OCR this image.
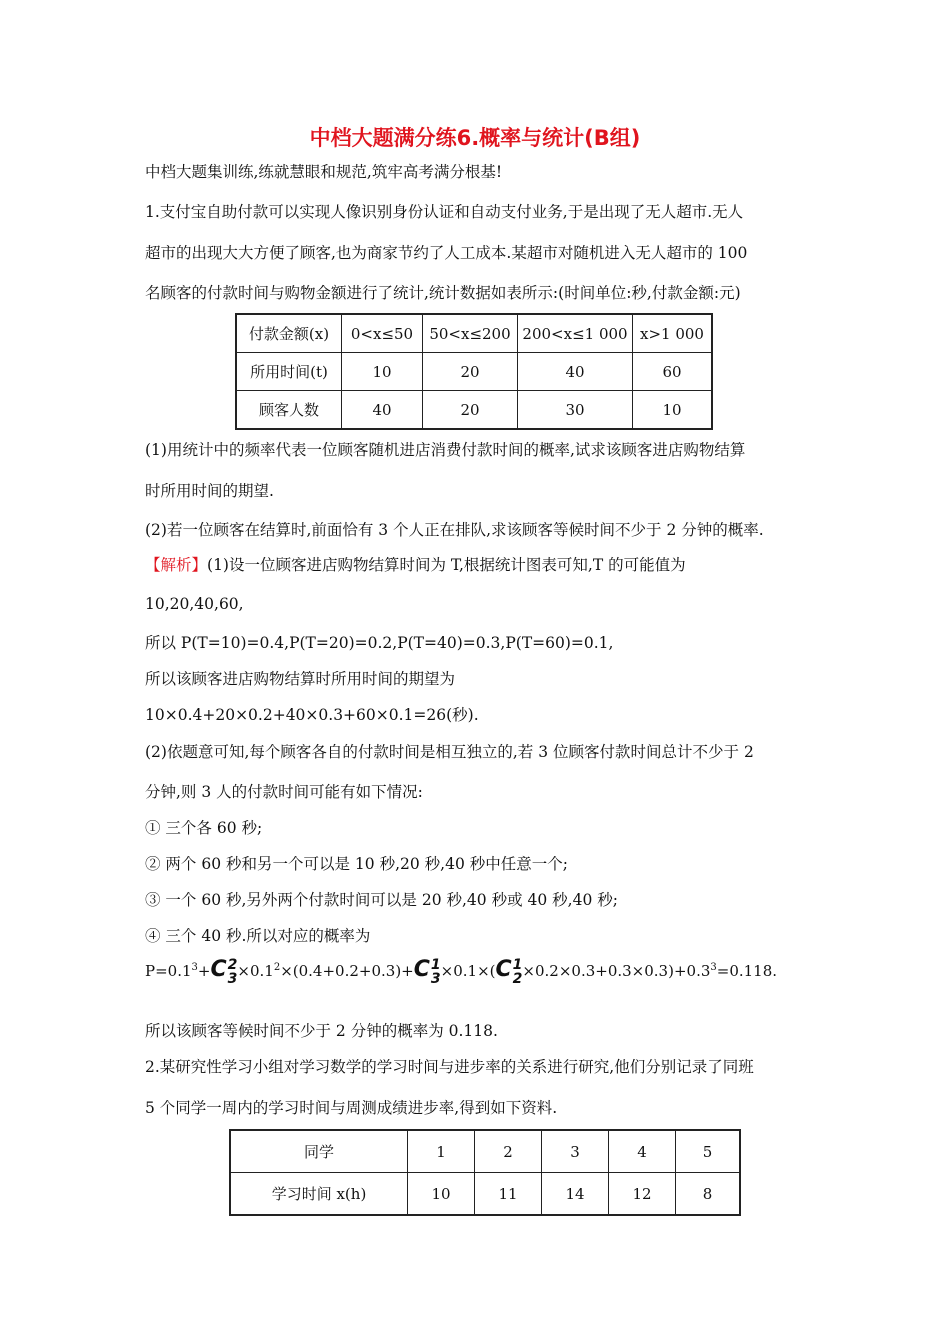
中档大题满分练6.概率与统计(B组)
中档大题集训练,练就慧眼和规范,筑牢高考满分根基!
1.支付宝自助付款可以实现人像识别身份认证和自动支付业务,于是出现了无人超市.无人
超市的出现大大方便了顾客,也为商家节约了人工成本.某超市对随机进入无人超市的 100
名顾客的付款时间与购物金额进行了统计,统计数据如表所示:(时间单位:秒,付款金额:元)
付款金额(x)	0<x≤50	50<x≤200	200<x≤1 000	x>1 000
所用时间(t)	10	20	40	60
顾客人数	40	20	30	10
(1)用统计中的频率代表一位顾客随机进店消费付款时间的概率,试求该顾客进店购物结算
时所用时间的期望.
(2)若一位顾客在结算时,前面恰有 3 个人正在排队,求该顾客等候时间不少于 2 分钟的概率.
【解析】(1)设一位顾客进店购物结算时间为 T,根据统计图表可知,T 的可能值为
10,20,40,60,
所以 P(T=10)=0.4,P(T=20)=0.2,P(T=40)=0.3,P(T=60)=0.1,
所以该顾客进店购物结算时所用时间的期望为
10×0.4+20×0.2+40×0.3+60×0.1=26(秒).
(2)依题意可知,每个顾客各自的付款时间是相互独立的,若 3 位顾客付款时间总计不少于 2
分钟,则 3 人的付款时间可能有如下情况:
① 三个各 60 秒;
② 两个 60 秒和另一个可以是 10 秒,20 秒,40 秒中任意一个;
③ 一个 60 秒,另外两个付款时间可以是 20 秒,40 秒或 40 秒,40 秒;
④ 三个 40 秒.所以对应的概率为
$P=0.1^3+C$ 2
$3 \times 0.1^2\times(0.4+0.2+0.3)+C$ 1
3 ×0.1×(C 1
$2 \times 0.2\times 0.3+0.3\times 0.3)+0.3^3=0.118$.
所以该顾客等候时间不少于 2 分钟的概率为 0.118.
2.某研究性学习小组对学习数学的学习时间与进步率的关系进行研究,他们分别记录了同班
5 个同学一周内的学习时间与周测成绩进步率,得到如下资料.
同学	1	2	3	4	5
学习时间 x(h)	10	11	14	12	8
